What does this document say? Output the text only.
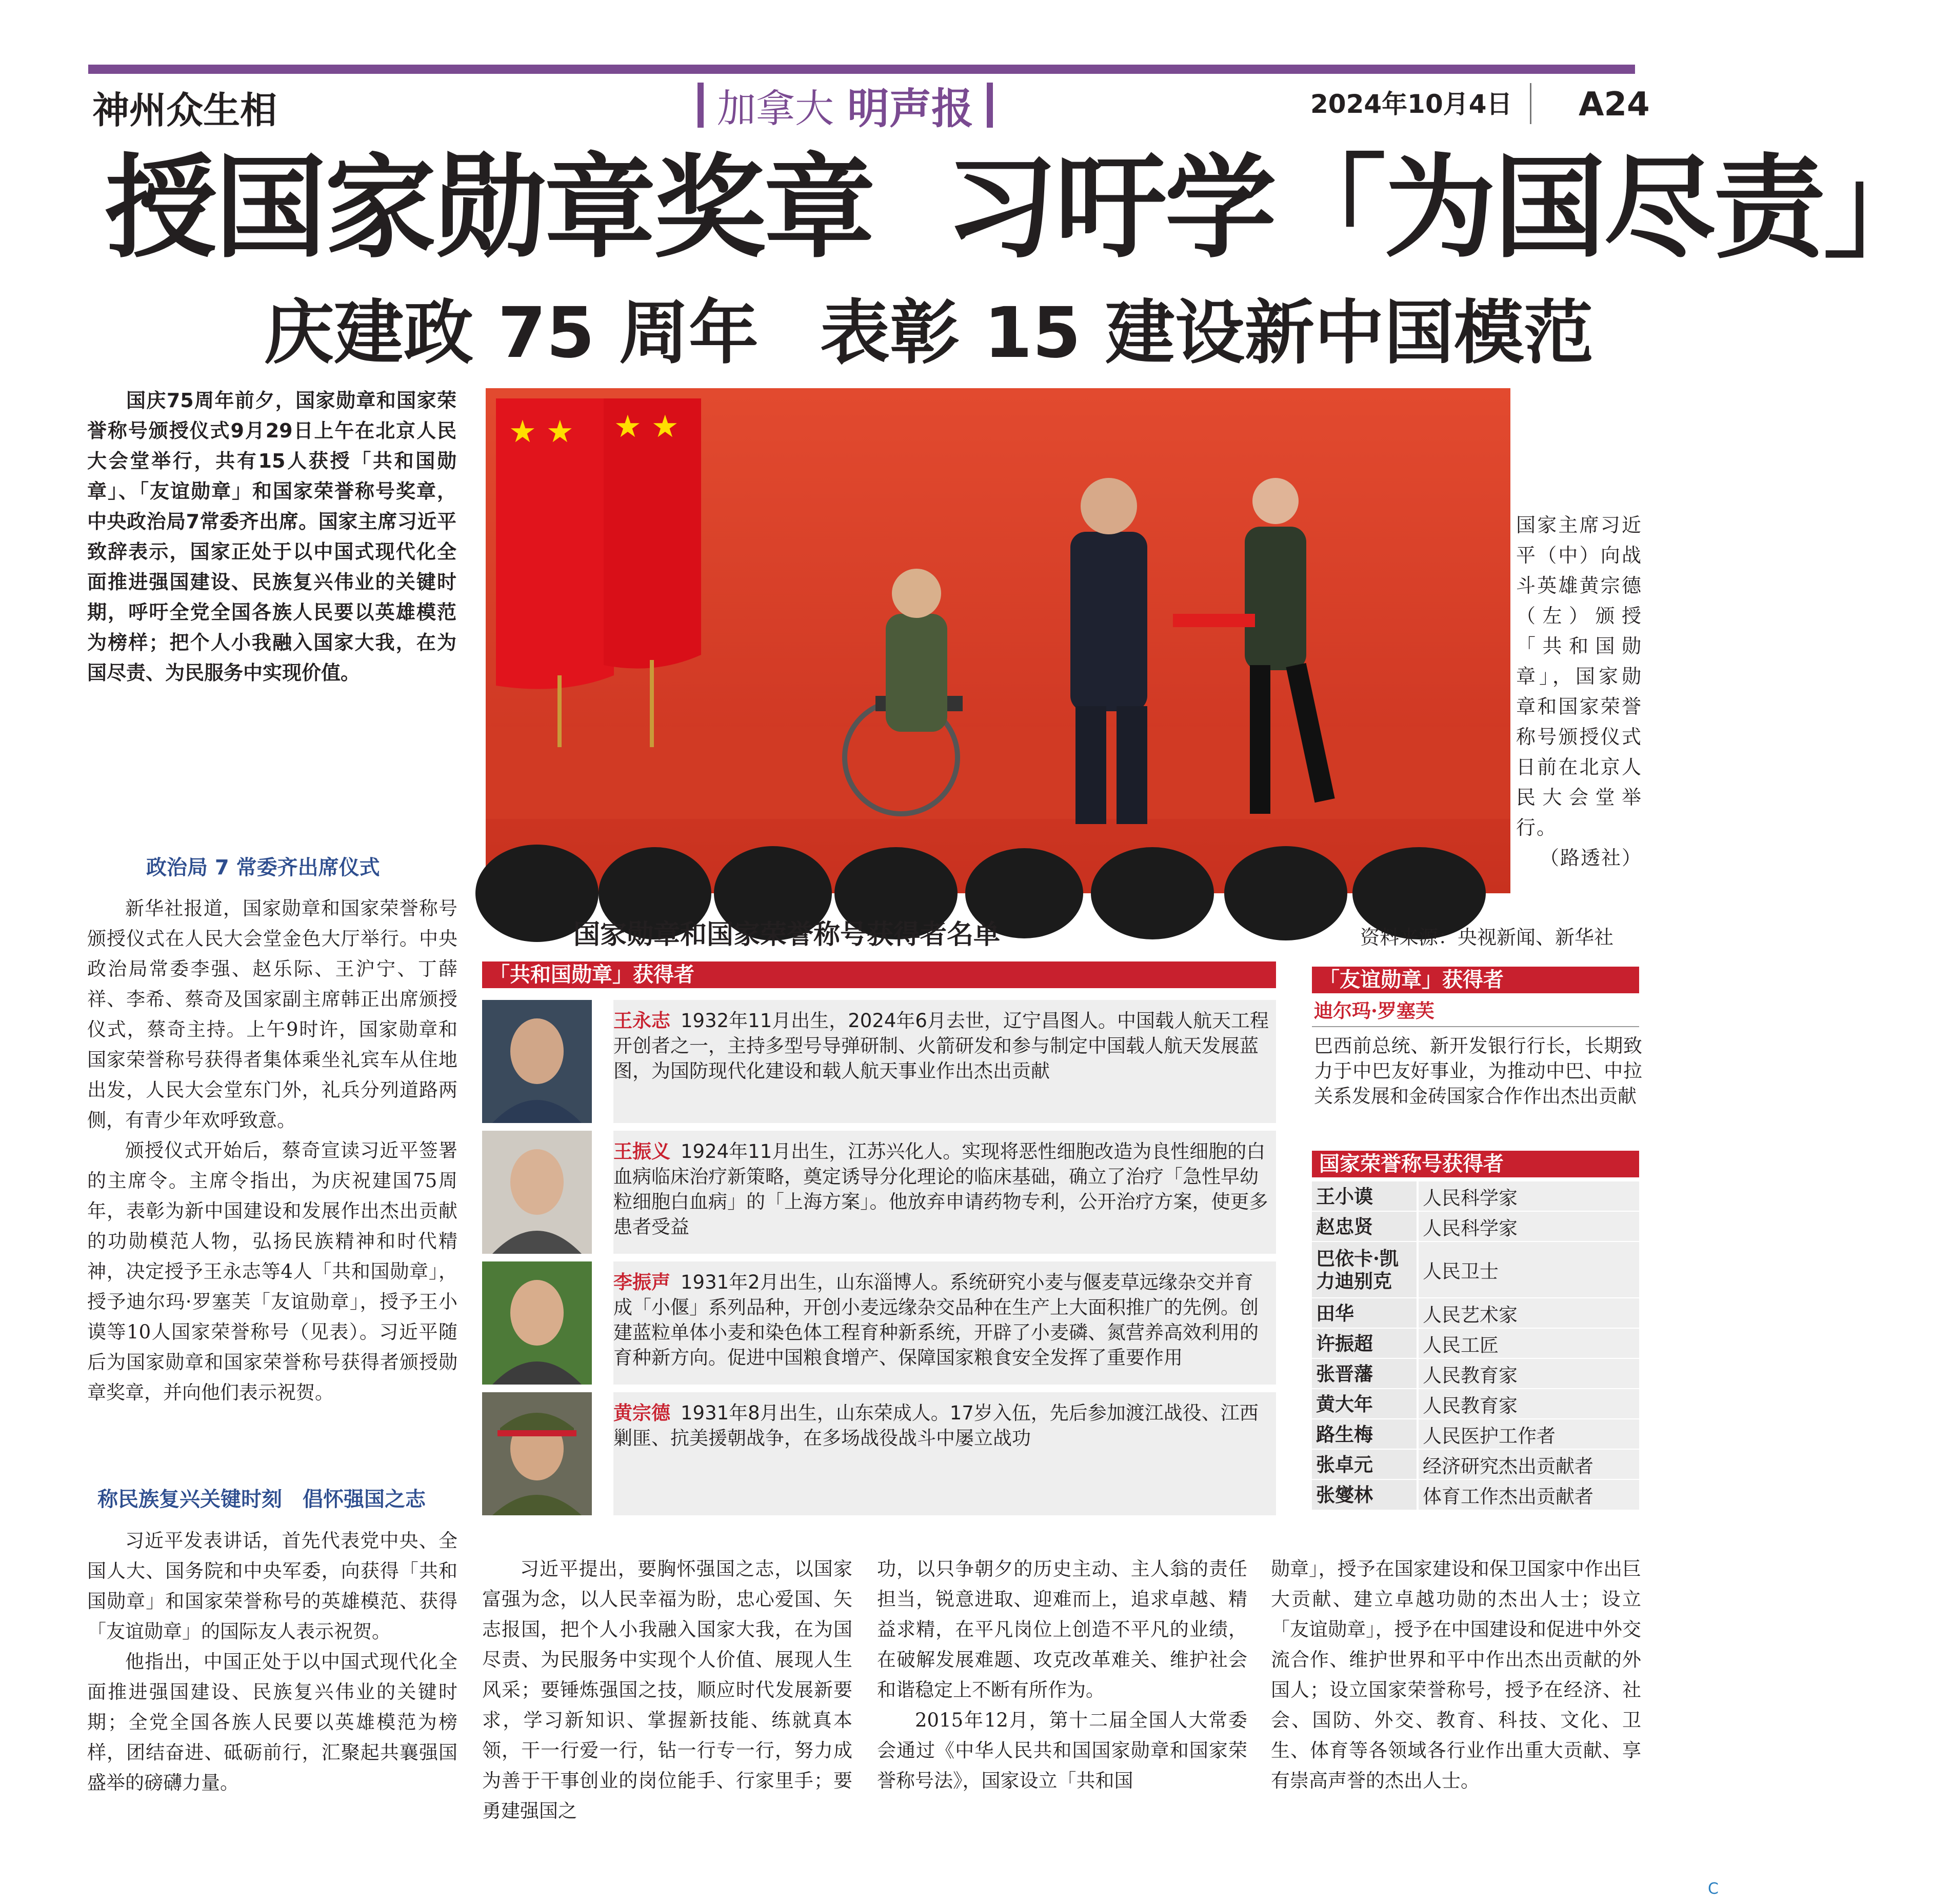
神州众生相	加拿大 明声报	2024年10月4日 A24
授国家勋章奖章 习吁学「为国尽责」
庆建政 75 周年 表彰 15 建设新中国模范

国庆75周年前夕，国家勋章和国家荣誉称号颁授仪式9月29日上午在北京人民大会堂举行，共有15人获授「共和国勋章」、「友谊勋章」和国家荣誉称号奖章，中央政治局7常委齐出席。国家主席习近平致辞表示，国家正处于以中国式现代化全面推进强国建设、民族复兴伟业的关键时期，呼吁全党全国各族人民要以英雄模范为榜样；把个人小我融入国家大我，在为国尽责、为民服务中实现价值。

政治局 7 常委齐出席仪式

新华社报道，国家勋章和国家荣誉称号颁授仪式在人民大会堂金色大厅举行。中央政治局常委李强、赵乐际、王沪宁、丁薛祥、李希、蔡奇及国家副主席韩正出席颁授仪式，蔡奇主持。上午9时许，国家勋章和国家荣誉称号获得者集体乘坐礼宾车从住地出发，人民大会堂东门外，礼兵分列道路两侧，有青少年欢呼致意。

颁授仪式开始后，蔡奇宣读习近平签署的主席令。主席令指出，为庆祝建国75周年，表彰为新中国建设和发展作出杰出贡献的功勋模范人物，弘扬民族精神和时代精神，决定授予王永志等4人「共和国勋章」，授予迪尔玛·罗塞芙「友谊勋章」，授予王小谟等10人国家荣誉称号（见表）。习近平随后为国家勋章和国家荣誉称号获得者颁授勋章奖章，并向他们表示祝贺。

称民族复兴关键时刻　倡怀强国之志

习近平发表讲话，首先代表党中央、全国人大、国务院和中央军委，向获得「共和国勋章」和国家荣誉称号的英雄模范、获得「友谊勋章」的国际友人表示祝贺。

他指出，中国正处于以中国式现代化全面推进强国建设、民族复兴伟业的关键时期；全党全国各族人民要以英雄模范为榜样，团结奋进、砥砺前行，汇聚起共襄强国盛举的磅礴力量。

★ ★ ★ ★
国家主席习近平（中）向战斗英雄黄宗德（左）颁授「共和国勋章」，国家勋章和国家荣誉称号颁授仪式日前在北京人民大会堂举行。
（路透社）
国家勋章和国家荣誉称号获得者名单	资料来源：央视新闻、新华社
「共和国勋章」获得者
王永志 1932年11月出生，2024年6月去世，辽宁昌图人。中国载人航天工程开创者之一，主持多型号导弹研制、火箭研发和参与制定中国载人航天发展蓝图，为国防现代化建设和载人航天事业作出杰出贡献
王振义 1924年11月出生，江苏兴化人。实现将恶性细胞改造为良性细胞的白血病临床治疗新策略，奠定诱导分化理论的临床基础，确立了治疗「急性早幼粒细胞白血病」的「上海方案」。他放弃申请药物专利，公开治疗方案，使更多患者受益
李振声 1931年2月出生，山东淄博人。系统研究小麦与偃麦草远缘杂交并育成「小偃」系列品种，开创小麦远缘杂交品种在生产上大面积推广的先例。创建蓝粒单体小麦和染色体工程育种新系统，开辟了小麦磷、氮营养高效利用的育种新方向。促进中国粮食增产、保障国家粮食安全发挥了重要作用
黄宗德 1931年8月出生，山东荣成人。17岁入伍，先后参加渡江战役、江西剿匪、抗美援朝战争，在多场战役战斗中屡立战功
「友谊勋章」获得者
迪尔玛·罗塞芙
巴西前总统、新开发银行行长，长期致力于中巴友好事业，为推动中巴、中拉关系发展和金砖国家合作作出杰出贡献
国家荣誉称号获得者
王小谟	人民科学家
赵忠贤	人民科学家
巴依卡·凯力迪别克	人民卫士
田华	人民艺术家
许振超	人民工匠
张晋藩	人民教育家
黄大年	人民教育家
路生梅	人民医护工作者
张卓元	经济研究杰出贡献者
张燮林	体育工作杰出贡献者

习近平提出，要胸怀强国之志，以国家富强为念，以人民幸福为盼，忠心爱国、矢志报国，把个人小我融入国家大我，在为国尽责、为民服务中实现个人价值、展现人生风采；要锤炼强国之技，顺应时代发展新要求，学习新知识、掌握新技能、练就真本领，干一行爱一行，钻一行专一行，努力成为善于干事创业的岗位能手、行家里手；要勇建强国之

功，以只争朝夕的历史主动、主人翁的责任担当，锐意进取、迎难而上，追求卓越、精益求精，在平凡岗位上创造不平凡的业绩，在破解发展难题、攻克改革难关、维护社会和谐稳定上不断有所作为。

2015年12月，第十二届全国人大常委会通过《中华人民共和国国家勋章和国家荣誉称号法》，国家设立「共和国

勋章」，授予在国家建设和保卫国家中作出巨大贡献、建立卓越功勋的杰出人士；设立「友谊勋章」，授予在中国建设和促进中外交流合作、维护世界和平中作出杰出贡献的外国人；设立国家荣誉称号，授予在经济、社会、国防、外交、教育、科技、文化、卫生、体育等各领域各行业作出重大贡献、享有崇高声誉的杰出人士。

C
